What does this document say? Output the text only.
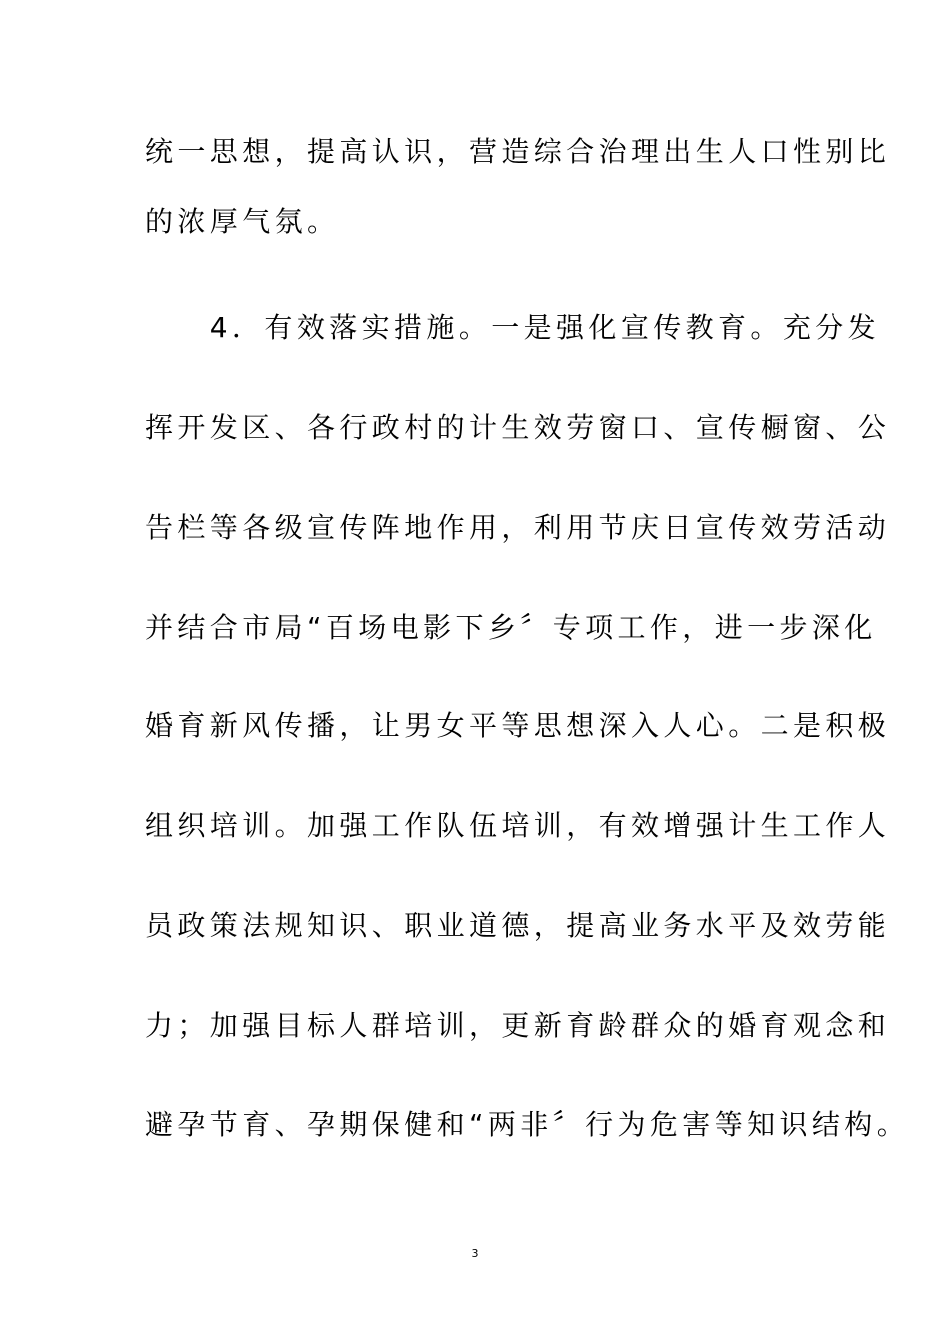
统一思想，提高认识，营造综合治理出生人口性别比
的浓厚气氛。
　　4．有效落实措施。一是强化宣传教育。充分发
挥开发区、各行政村的计生效劳窗口、宣传橱窗、公
告栏等各级宣传阵地作用，利用节庆日宣传效劳活动
并结合市局“百场电影下乡〞专项工作，进一步深化
婚育新风传播，让男女平等思想深入人心。二是积极
组织培训。加强工作队伍培训，有效增强计生工作人
员政策法规知识、职业道德，提高业务水平及效劳能
力；加强目标人群培训，更新育龄群众的婚育观念和
避孕节育、孕期保健和“两非〞行为危害等知识结构。
3
